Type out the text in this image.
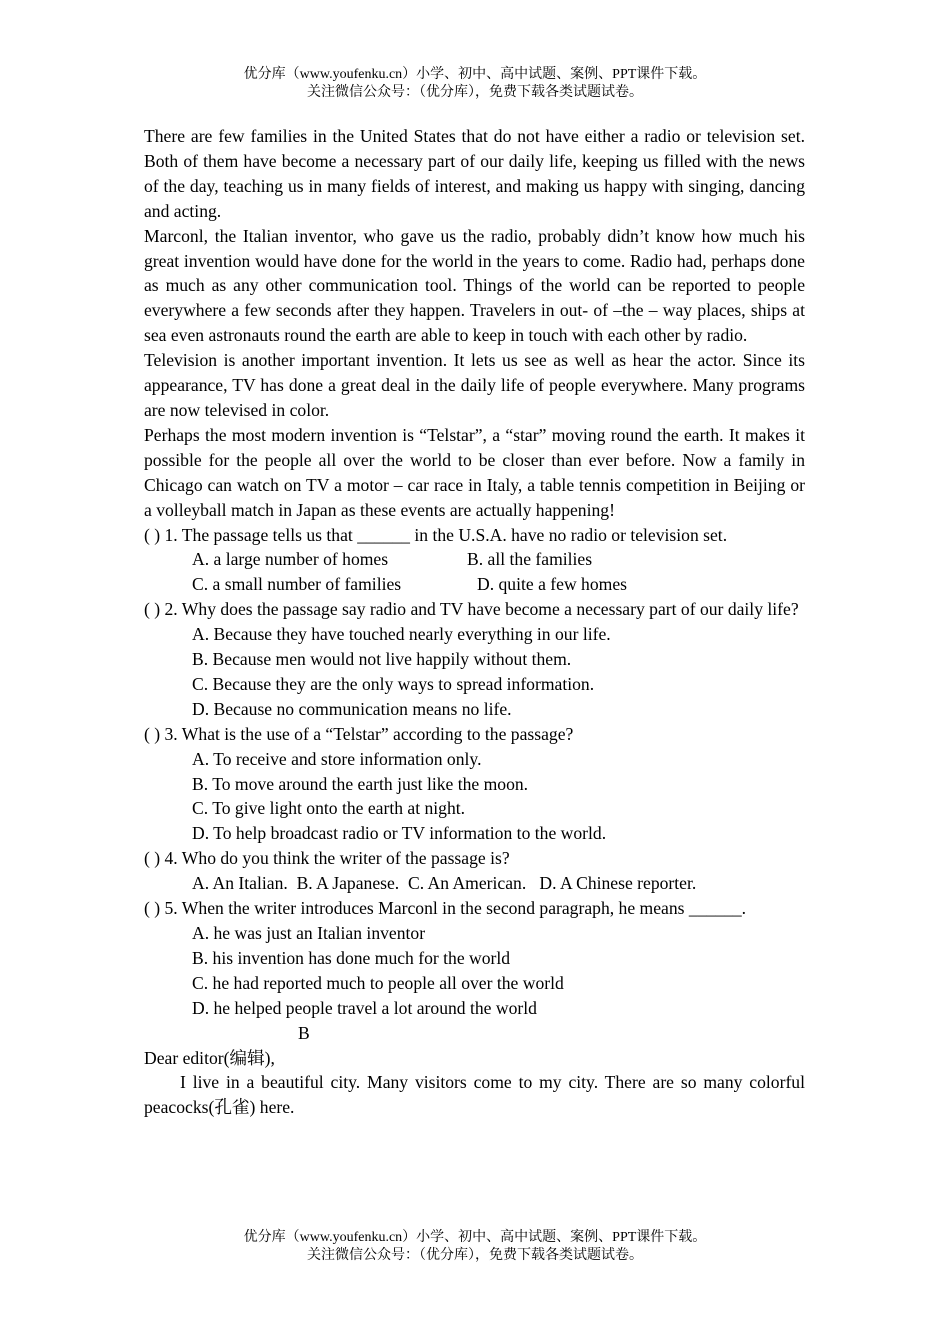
优分库（www.youfenku.cn）小学、初中、高中试题、案例、PPT课件下载。
关注微信公众号：（优分库），免费下载各类试题试卷。

There are few families in the United States that do not have either a radio or television set. Both of them have become a necessary part of our daily life, keeping us filled with the news of the day, teaching us in many fields of interest, and making us happy with singing, dancing and acting.

Marconl, the Italian inventor, who gave us the radio, probably didn’t know how much his great invention would have done for the world in the years to come. Radio had, perhaps done as much as any other communication tool. Things of the world can be reported to people everywhere a few seconds after they happen. Travelers in out- of –the – way places, ships at sea even astronauts round the earth are able to keep in touch with each other by radio.

Television is another important invention. It lets us see as well as hear the actor. Since its appearance, TV has done a great deal in the daily life of people everywhere. Many programs are now televised in color.

Perhaps the most modern invention is “Telstar”, a “star” moving round the earth. It makes it possible for the people all over the world to be closer than ever before. Now a family in Chicago can watch on TV a motor – car race in Italy, a table tennis competition in Beijing or a volleyball match in Japan as these events are actually happening!

( ) 1. The passage tells us that ______ in the U.S.A. have no radio or television set.

A. a large number of homes	B. all the families
C. a small number of families	D. quite a few homes

( ) 2. Why does the passage say radio and TV have become a necessary part of our daily life?

A. Because they have touched nearly everything in our life.

B. Because men would not live happily without them.

C. Because they are the only ways to spread information.

D. Because no communication means no life.

( ) 3. What is the use of a “Telstar” according to the passage?

A. To receive and store information only.

B. To move around the earth just like the moon.

C. To give light onto the earth at night.

D. To help broadcast radio or TV information to the world.

( ) 4. Who do you think the writer of the passage is?

A. An Italian.  B. A Japanese.  C. An American.   D. A Chinese reporter.

( ) 5. When the writer introduces Marconl in the second paragraph, he means ______.

A. he was just an Italian inventor

B. his invention has done much for the world

C. he had reported much to people all over the world

D. he helped people travel a lot around the world

B

Dear editor(编辑),

I live in a beautiful city. Many visitors come to my city. There are so many colorful peacocks(孔雀) here.

优分库（www.youfenku.cn）小学、初中、高中试题、案例、PPT课件下载。
关注微信公众号：（优分库），免费下载各类试题试卷。
